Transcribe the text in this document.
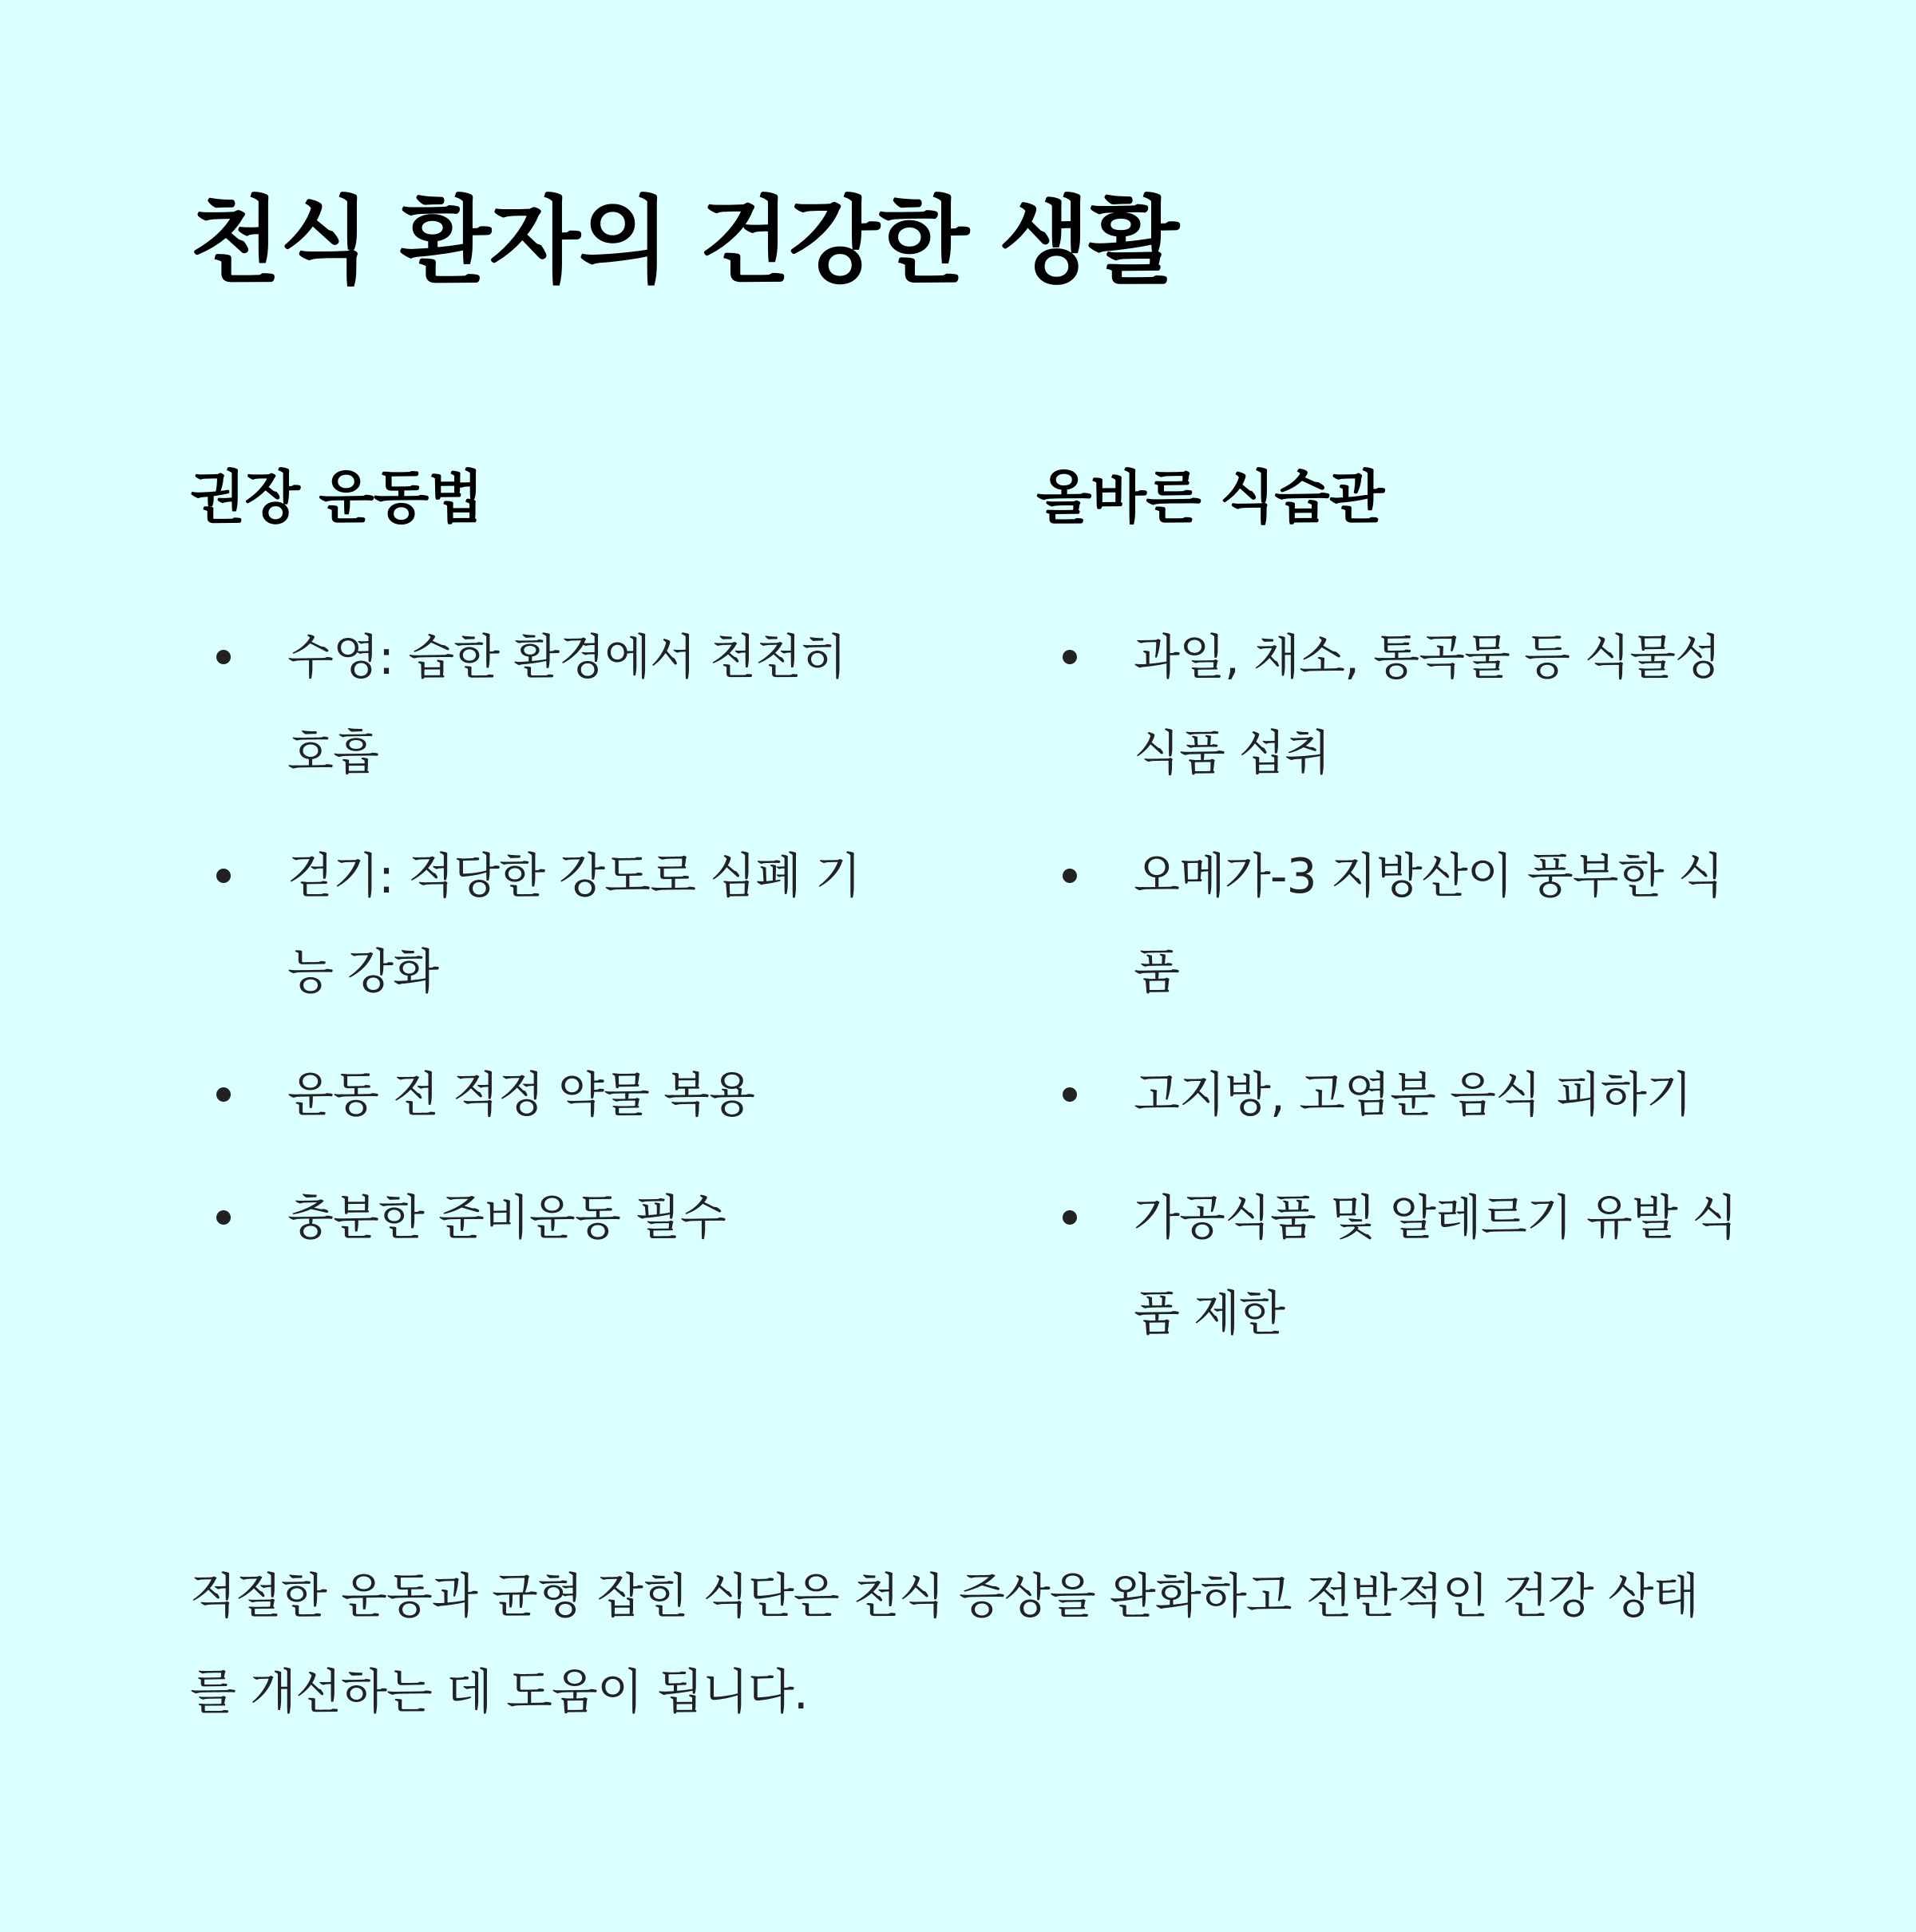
천식 환자의 건강한 생활
권장 운동법
수영: 습한 환경에서 천천히 호흡
걷기: 적당한 강도로 심폐 기능 강화
운동 전 적정 약물 복용
충분한 준비운동 필수
올바른 식습관
과일, 채소, 통곡물 등 식물성 식품 섭취
오메가-3 지방산이 풍부한 식품
고지방, 고염분 음식 피하기
가공식품 및 알레르기 유발 식품 제한

적절한 운동과 균형 잡힌 식단은 천식 증상을 완화하고 전반적인 건강 상태를 개선하는 데 도움이 됩니다.
